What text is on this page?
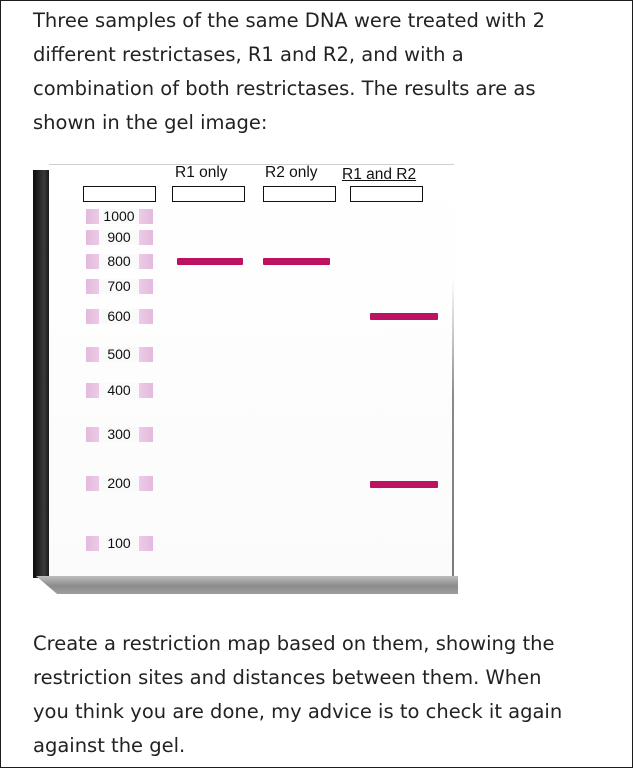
Three samples of the same DNA were treated with 2
different restrictases, R1 and R2, and with a
combination of both restrictases. The results are as
shown in the gel image:

R1 only R2 only R1 and R2
1000
900
800
700
600
500
400
300
200
100

Create a restriction map based on them, showing the
restriction sites and distances between them. When
you think you are done, my advice is to check it again
against the gel.
